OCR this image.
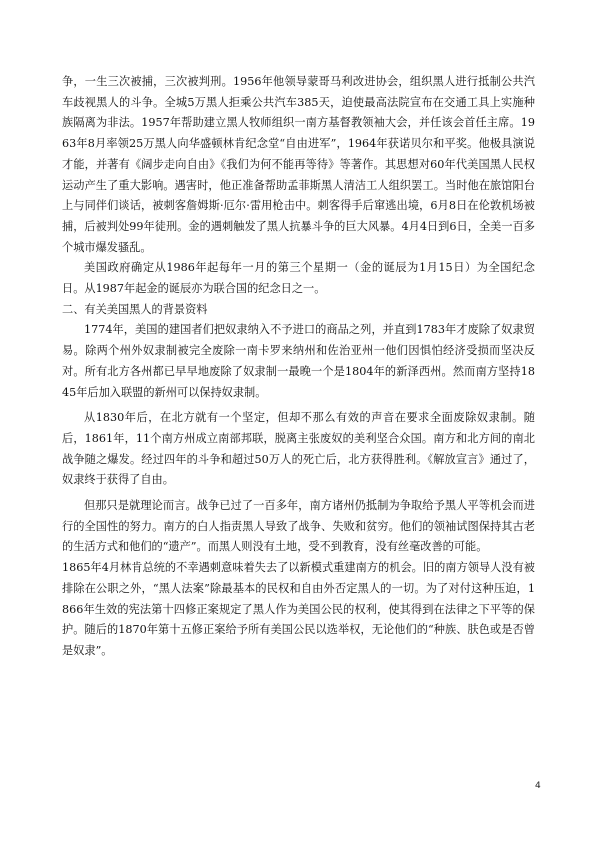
争，一生三次被捕，三次被判刑。1956年他领导蒙哥马利改进协会，组织黑人进行抵制公共汽车歧视黑人的斗争。全城5万黑人拒乘公共汽车385天，迫使最高法院宣布在交通工具上实施种族隔离为非法。1957年帮助建立黑人牧师组织一南方基督教领袖大会，并任该会首任主席。1963年8月率领25万黑人向华盛顿林肯纪念堂“自由进军”，1964年获诺贝尔和平奖。他极具演说才能，并著有《阔步走向自由》《我们为何不能再等待》等著作。其思想对60年代美国黑人民权运动产生了重大影响。遇害时，他正准备帮助孟菲斯黑人清洁工人组织罢工。当时他在旅馆阳台上与同伴们谈话，被刺客詹姆斯·厄尔·雷用枪击中。刺客得手后窜逃出境，6月8日在伦敦机场被捕，后被判处99年徒刑。金的遇刺触发了黑人抗暴斗争的巨大风暴。4月4日到6日，全美一百多个城市爆发骚乱。

美国政府确定从1986年起每年一月的第三个星期一（金的诞辰为1月15日）为全国纪念日。从1987年起金的诞辰亦为联合国的纪念日之一。

二、有关美国黑人的背景资料

1774年，美国的建国者们把奴隶纳入不予进口的商品之列，并直到1783年才废除了奴隶贸易。除两个州外奴隶制被完全废除一南卡罗来纳州和佐治亚州一他们因惧怕经济受损而坚决反对。所有北方各州都已早早地废除了奴隶制一最晚一个是1804年的新泽西州。然而南方坚持1845年后加入联盟的新州可以保持奴隶制。

从1830年后，在北方就有一个坚定，但却不那么有效的声音在要求全面废除奴隶制。随后，1861年，11个南方州成立南部邦联，脱离主张废奴的美利坚合众国。南方和北方间的南北战争随之爆发。经过四年的斗争和超过50万人的死亡后，北方获得胜利。《解放宣言》通过了，奴隶终于获得了自由。

但那只是就理论而言。战争已过了一百多年，南方诸州仍抵制为争取给予黑人平等机会而进行的全国性的努力。南方的白人指责黑人导致了战争、失败和贫穷。他们的领袖试图保持其古老的生活方式和他们的“遗产”。而黑人则没有土地，受不到教育，没有丝毫改善的可能。

1865年4月林肯总统的不幸遇刺意味着失去了以新模式重建南方的机会。旧的南方领导人没有被排除在公职之外，“黑人法案”除最基本的民权和自由外否定黑人的一切。为了对付这种压迫，1866年生效的宪法第十四修正案规定了黑人作为美国公民的权利，使其得到在法律之下平等的保护。随后的1870年第十五修正案给予所有美国公民以选举权，无论他们的“种族、肤色或是否曾是奴隶”。

4
